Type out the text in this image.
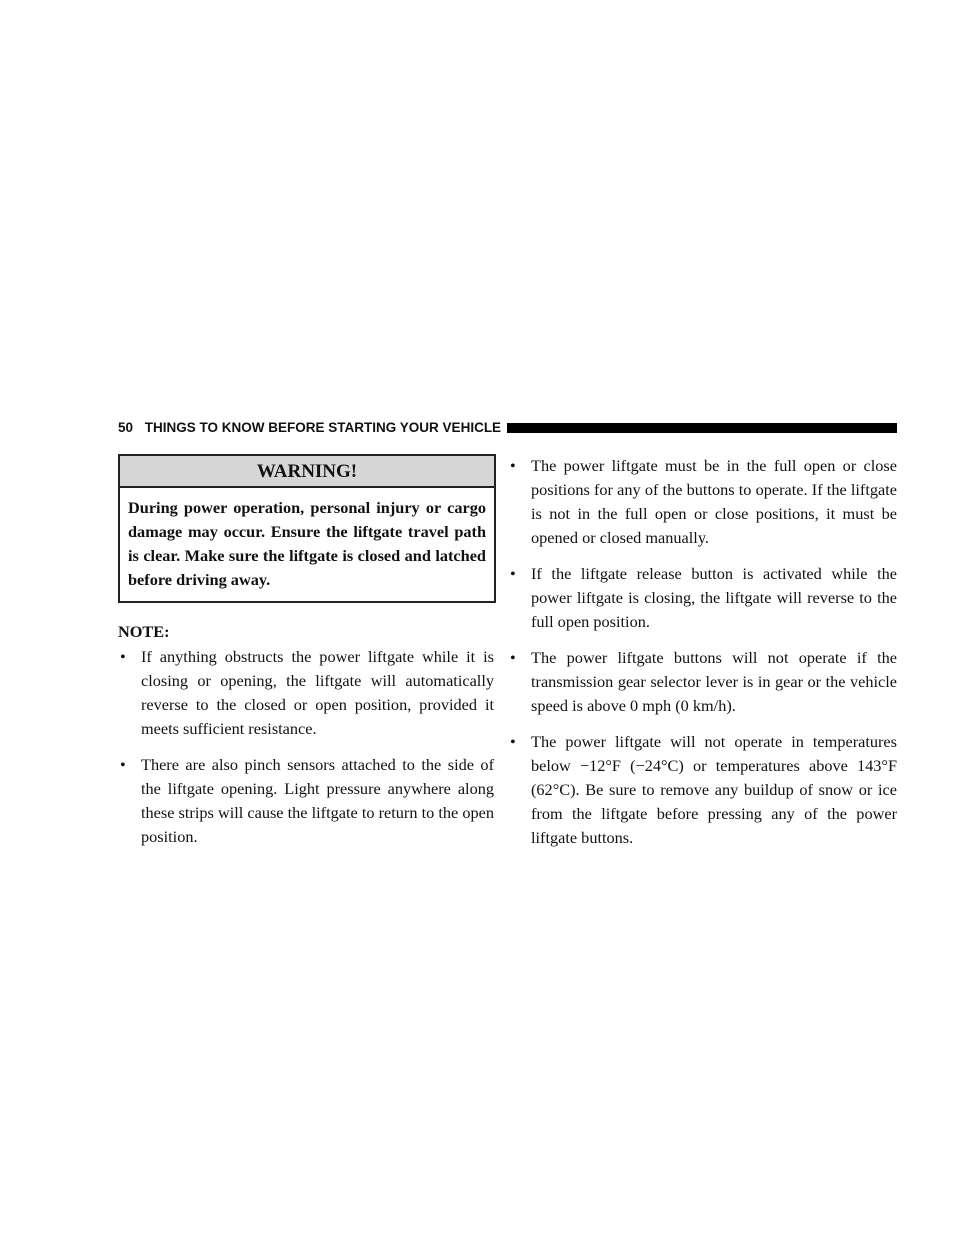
50 THINGS TO KNOW BEFORE STARTING YOUR VEHICLE
WARNING!
During power operation, personal injury or cargo damage may occur. Ensure the liftgate travel path is clear. Make sure the liftgate is closed and latched before driving away.
NOTE:
• If anything obstructs the power liftgate while it is closing or opening, the liftgate will automatically reverse to the closed or open position, provided it meets sufficient resistance.
• There are also pinch sensors attached to the side of the liftgate opening. Light pressure anywhere along these strips will cause the liftgate to return to the open position.
• The power liftgate must be in the full open or close positions for any of the buttons to operate. If the liftgate is not in the full open or close positions, it must be opened or closed manually.
• If the liftgate release button is activated while the power liftgate is closing, the liftgate will reverse to the full open position.
• The power liftgate buttons will not operate if the transmission gear selector lever is in gear or the vehicle speed is above 0 mph (0 km/h).
• The power liftgate will not operate in temperatures below −12°F (−24°C) or temperatures above 143°F (62°C). Be sure to remove any buildup of snow or ice from the liftgate before pressing any of the power liftgate buttons.
